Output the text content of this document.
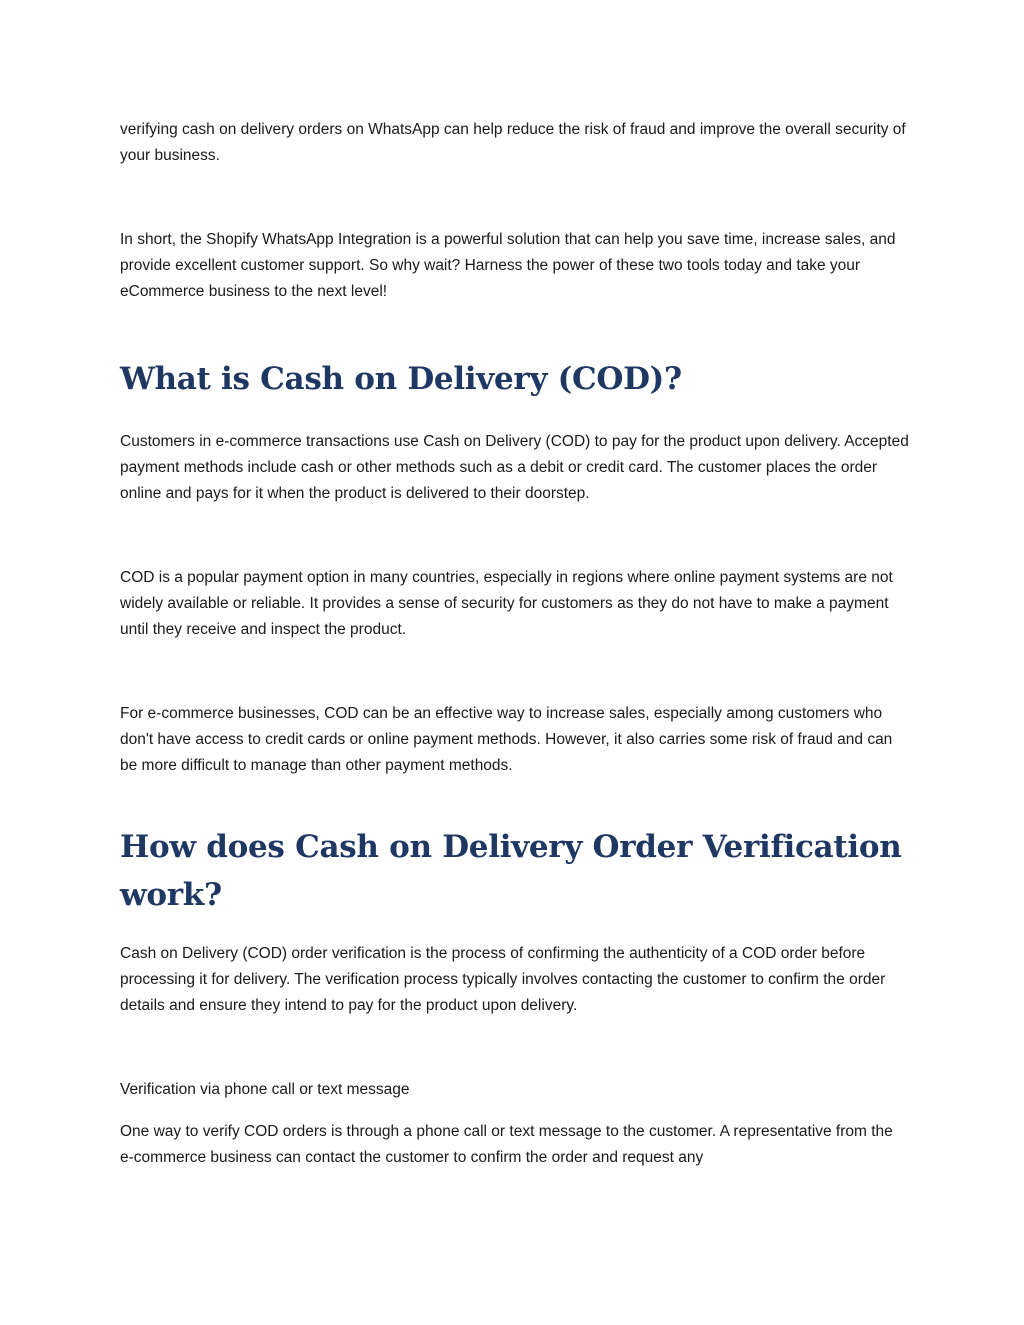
verifying cash on delivery orders on WhatsApp can help reduce the risk of fraud and improve the overall security of your business.

In short, the Shopify WhatsApp Integration is a powerful solution that can help you save time, increase sales, and provide excellent customer support. So why wait? Harness the power of these two tools today and take your eCommerce business to the next level!

What is Cash on Delivery (COD)?

Customers in e-commerce transactions use Cash on Delivery (COD) to pay for the product upon delivery. Accepted payment methods include cash or other methods such as a debit or credit card. The customer places the order online and pays for it when the product is delivered to their doorstep.

COD is a popular payment option in many countries, especially in regions where online payment systems are not widely available or reliable. It provides a sense of security for customers as they do not have to make a payment until they receive and inspect the product.

For e-commerce businesses, COD can be an effective way to increase sales, especially among customers who don't have access to credit cards or online payment methods. However, it also carries some risk of fraud and can be more difficult to manage than other payment methods.

How does Cash on Delivery Order Verification work?

Cash on Delivery (COD) order verification is the process of confirming the authenticity of a COD order before processing it for delivery. The verification process typically involves contacting the customer to confirm the order details and ensure they intend to pay for the product upon delivery.

Verification via phone call or text message

One way to verify COD orders is through a phone call or text message to the customer. A representative from the e-commerce business can contact the customer to confirm the order and request any
